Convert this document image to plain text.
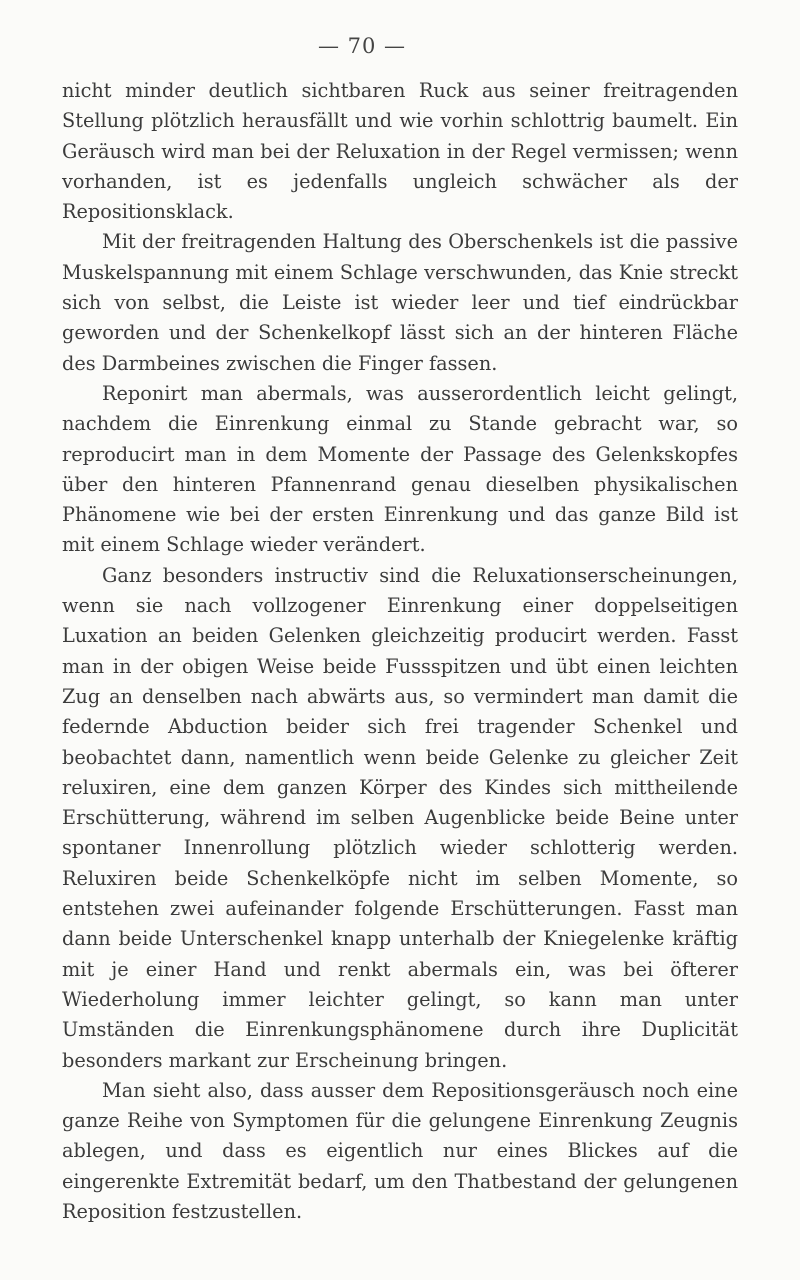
— 70 —

nicht minder deutlich sichtbaren Ruck aus seiner freitragenden Stellung plötzlich herausfällt und wie vorhin schlottrig baumelt. Ein Geräusch wird man bei der Reluxation in der Regel vermissen; wenn vorhanden, ist es jedenfalls ungleich schwächer als der Repositionsklack.

Mit der freitragenden Haltung des Oberschenkels ist die passive Muskelspannung mit einem Schlage verschwunden, das Knie streckt sich von selbst, die Leiste ist wieder leer und tief eindrückbar geworden und der Schenkelkopf lässt sich an der hinteren Fläche des Darmbeines zwischen die Finger fassen.

Reponirt man abermals, was ausserordentlich leicht gelingt, nachdem die Einrenkung einmal zu Stande gebracht war, so reproducirt man in dem Momente der Passage des Gelenkskopfes über den hinteren Pfannenrand genau dieselben physikalischen Phänomene wie bei der ersten Einrenkung und das ganze Bild ist mit einem Schlage wieder verändert.

Ganz besonders instructiv sind die Reluxationserscheinungen, wenn sie nach vollzogener Einrenkung einer doppelseitigen Luxation an beiden Gelenken gleichzeitig producirt werden. Fasst man in der obigen Weise beide Fussspitzen und übt einen leichten Zug an denselben nach abwärts aus, so vermindert man damit die federnde Abduction beider sich frei tragender Schenkel und beobachtet dann, namentlich wenn beide Gelenke zu gleicher Zeit reluxiren, eine dem ganzen Körper des Kindes sich mittheilende Erschütterung, während im selben Augenblicke beide Beine unter spontaner Innenrollung plötzlich wieder schlotterig werden. Reluxiren beide Schenkelköpfe nicht im selben Momente, so entstehen zwei aufeinander folgende Erschütterungen. Fasst man dann beide Unterschenkel knapp unterhalb der Kniegelenke kräftig mit je einer Hand und renkt abermals ein, was bei öfterer Wiederholung immer leichter gelingt, so kann man unter Umständen die Einrenkungsphänomene durch ihre Duplicität besonders markant zur Erscheinung bringen.

Man sieht also, dass ausser dem Repositionsgeräusch noch eine ganze Reihe von Symptomen für die gelungene Einrenkung Zeugnis ablegen, und dass es eigentlich nur eines Blickes auf die eingerenkte Extremität bedarf, um den Thatbestand der gelungenen Reposition festzustellen.
